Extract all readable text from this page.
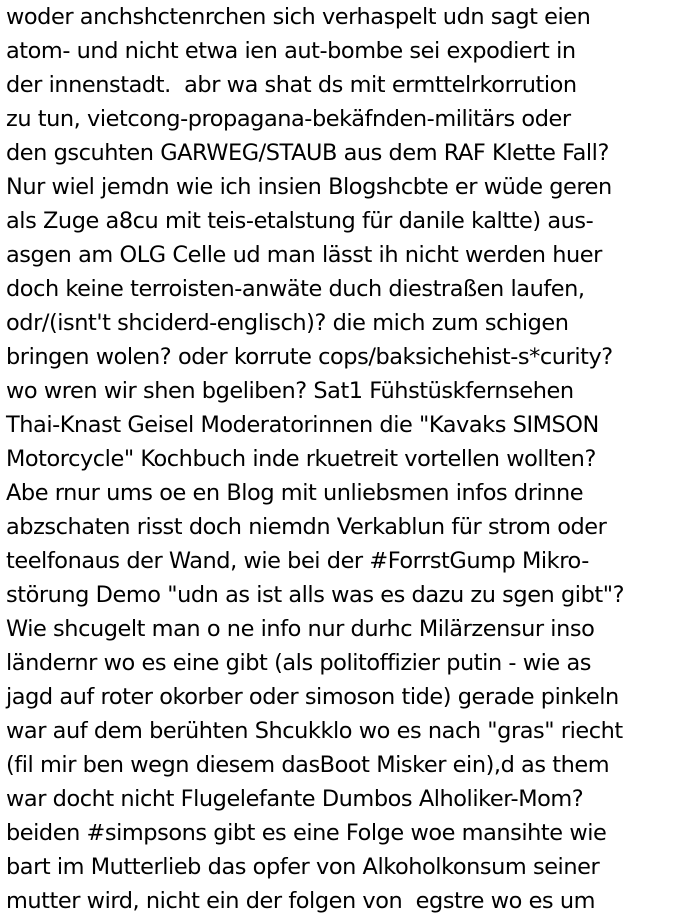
woder anchshctenrchen sich verhaspelt udn sagt eien atom- und nicht etwa ien aut-bombe sei expodiert in der innenstadt.  abr wa shat ds mit ermttelrkorrution zu tun, vietcong-propagana-bekäfnden-militärs oder den gscuhten GARWEG/STAUB aus dem RAF Klette Fall? Nur wiel jemdn wie ich insien Blogshcbte er wüde geren als Zuge a8cu mit teis-etalstung für danile kaltte) aus- asgen am OLG Celle ud man lässt ih nicht werden huer doch keine terroisten-anwäte duch diestraßen laufen, odr/(isnt't shciderd-englisch)? die mich zum schigen bringen wolen? oder korrute cops/baksichehist-s*curity? wo wren wir shen bgeliben? Sat1 Fühstüskfernsehen Thai-Knast Geisel Moderatorinnen die "Kavaks SIMSON Motorcycle" Kochbuch inde rkuetreit vortellen wollten? Abe rnur ums oe en Blog mit unliebsmen infos drinne abzschaten risst doch niemdn Verkablun für strom oder teelfonaus der Wand, wie bei der #ForrstGump Mikro- störung Demo "udn as ist alls was es dazu zu sgen gibt"? Wie shcugelt man o ne info nur durhc Milärzensur inso ländernr wo es eine gibt (als politoffizier putin - wie as jagd auf roter okorber oder simoson tide) gerade pinkeln war auf dem berühten Shcukklo wo es nach "gras" riecht (fil mir ben wegn diesem dasBoot Misker ein),d as them war docht nicht Flugelefante Dumbos Alholiker-Mom? beiden #simpsons gibt es eine Folge woe mansihte wie bart im Mutterlieb das opfer von Alkoholkonsum seiner mutter wird, nicht ein der folgen von  egstre wo es um
